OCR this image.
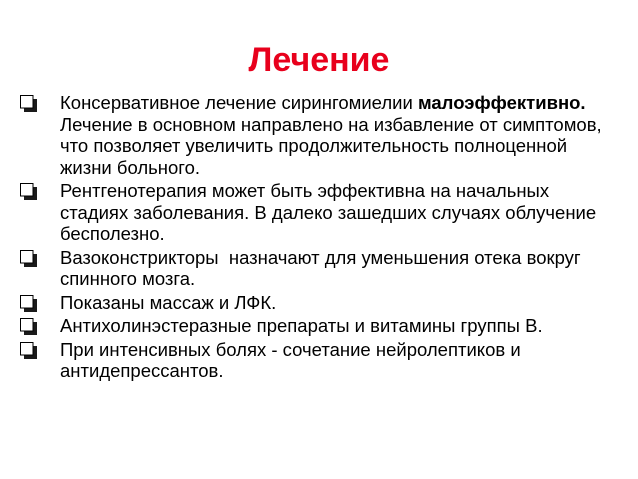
Лечение
Консервативное лечение сирингомиелии малоэффективно. Лечение в основном направлено на избавление от симптомов, что позволяет увеличить продолжительность полноценной жизни больного.
Рентгенотерапия может быть эффективна на начальных стадиях заболевания. В далеко зашедших случаях облучение бесполезно.
Вазоконстрикторы  назначают для уменьшения отека вокруг спинного мозга.
Показаны массаж и ЛФК.
Антихолинэстеразные препараты и витамины группы В.
При интенсивных болях - сочетание нейролептиков и антидепрессантов.
